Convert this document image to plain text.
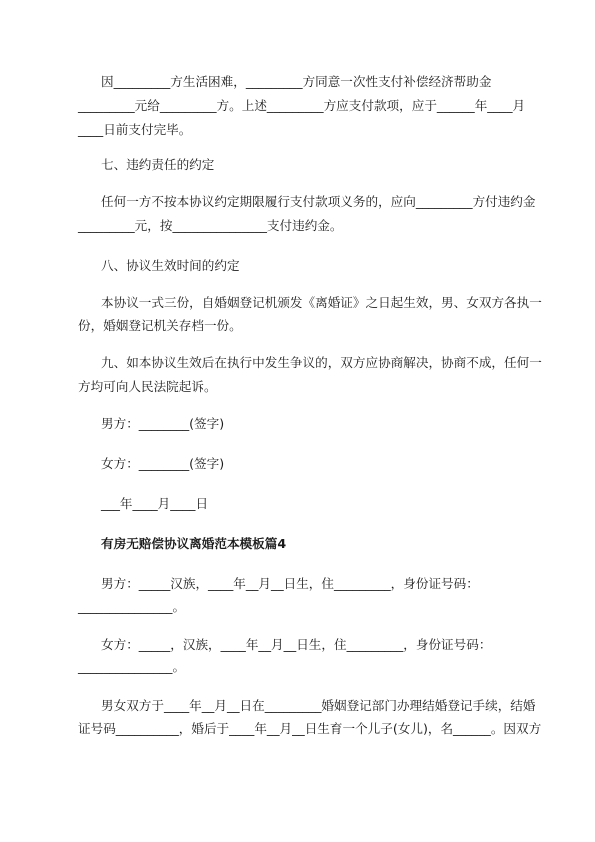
因_________方生活困难，_________方同意一次性支付补偿经济帮助金

_________元给_________方。上述_________方应支付款项，应于______年____月

____日前支付完毕。

七、违约责任的约定

任何一方不按本协议约定期限履行支付款项义务的，应向_________方付违约金

_________元，按_______________支付违约金。

八、协议生效时间的约定

本协议一式三份，自婚姻登记机颁发《离婚证》之日起生效，男、女双方各执一

份，婚姻登记机关存档一份。

九、如本协议生效后在执行中发生争议的，双方应协商解决，协商不成，任何一

方均可向人民法院起诉。

男方：________(签字)

女方：________(签字)

___年____月____日

有房无赔偿协议离婚范本模板篇4

男方：_____汉族，____年__月__日生，住_________，身份证号码：

_______________。

女方：_____，汉族，____年__月__日生，住_________，身份证号码：

_______________。

男女双方于____年__月__日在_________婚姻登记部门办理结婚登记手续，结婚

证号码__________，婚后于____年__月__日生育一个儿子(女儿)，名______。因双方
